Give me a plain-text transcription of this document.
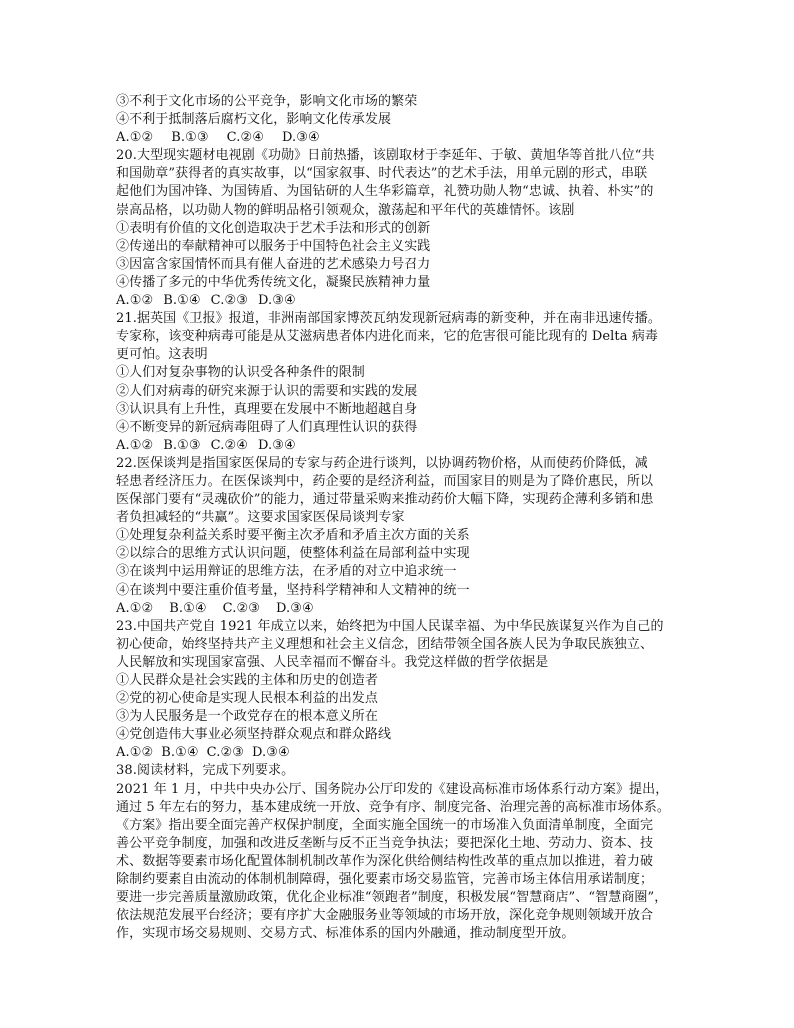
③不利于文化市场的公平竞争，影响文化市场的繁荣
④不利于抵制落后腐朽文化，影响文化传承发展
A.①② B.①③ C.②④ D.③④
20.大型现实题材电视剧《功勋》日前热播，该剧取材于李延年、于敏、黄旭华等首批八位“共
和国勋章”获得者的真实故事，以“国家叙事、时代表达”的艺术手法，用单元剧的形式，串联
起他们为国冲锋、为国铸盾、为国钻研的人生华彩篇章，礼赞功勋人物“忠诚、执着、朴实”的
崇高品格，以功勋人物的鲜明品格引领观众，激荡起和平年代的英雄情怀。该剧
①表明有价值的文化创造取决于艺术手法和形式的创新
②传递出的奉献精神可以服务于中国特色社会主义实践
③因富含家国情怀而具有催人奋进的艺术感染力号召力
④传播了多元的中华优秀传统文化，凝聚民族精神力量
A.①② B.①④ C.②③ D.③④
21.据英国《卫报》报道，非洲南部国家博茨瓦纳发现新冠病毒的新变种，并在南非迅速传播。
专家称，该变种病毒可能是从艾滋病患者体内进化而来，它的危害很可能比现有的 Delta 病毒
更可怕。这表明
①人们对复杂事物的认识受各种条件的限制
②人们对病毒的研究来源于认识的需要和实践的发展
③认识具有上升性，真理要在发展中不断地超越自身
④不断变异的新冠病毒阻碍了人们真理性认识的获得
A.①② B.①③ C.②④ D.③④
22.医保谈判是指国家医保局的专家与药企进行谈判，以协调药物价格，从而使药价降低，减
轻患者经济压力。在医保谈判中，药企要的是经济利益，而国家目的则是为了降价惠民，所以
医保部门要有“灵魂砍价”的能力，通过带量采购来推动药价大幅下降，实现药企薄利多销和患
者负担减轻的“共赢”。这要求国家医保局谈判专家
①处理复杂利益关系时要平衡主次矛盾和矛盾主次方面的关系
②以综合的思维方式认识问题，使整体利益在局部利益中实现
③在谈判中运用辩证的思维方法，在矛盾的对立中追求统一
④在谈判中要注重价值考量，坚持科学精神和人文精神的统一
A.①② B.①④ C.②③ D.③④
23.中国共产党自 1921 年成立以来，始终把为中国人民谋幸福、为中华民族谋复兴作为自己的
初心使命，始终坚持共产主义理想和社会主义信念，团结带领全国各族人民为争取民族独立、
人民解放和实现国家富强、人民幸福而不懈奋斗。我党这样做的哲学依据是
①人民群众是社会实践的主体和历史的创造者
②党的初心使命是实现人民根本利益的出发点
③为人民服务是一个政党存在的根本意义所在
④党创造伟大事业必须坚持群众观点和群众路线
A.①② B.①④ C.②③ D.③④
38.阅读材料，完成下列要求。
2021 年 1 月，中共中央办公厅、国务院办公厅印发的《建设高标准市场体系行动方案》提出，
通过 5 年左右的努力，基本建成统一开放、竞争有序、制度完备、治理完善的高标准市场体系。
《方案》指出要全面完善产权保护制度，全面实施全国统一的市场准入负面清单制度，全面完
善公平竞争制度，加强和改进反垄断与反不正当竞争执法；要把深化土地、劳动力、资本、技
术、数据等要素市场化配置体制机制改革作为深化供给侧结构性改革的重点加以推进，着力破
除制约要素自由流动的体制机制障碍，强化要素市场交易监管，完善市场主体信用承诺制度；
要进一步完善质量激励政策，优化企业标准“领跑者”制度，积极发展“智慧商店”、“智慧商圈”，
依法规范发展平台经济；要有序扩大金融服务业等领域的市场开放，深化竞争规则领域开放合
作，实现市场交易规则、交易方式、标准体系的国内外融通，推动制度型开放。
